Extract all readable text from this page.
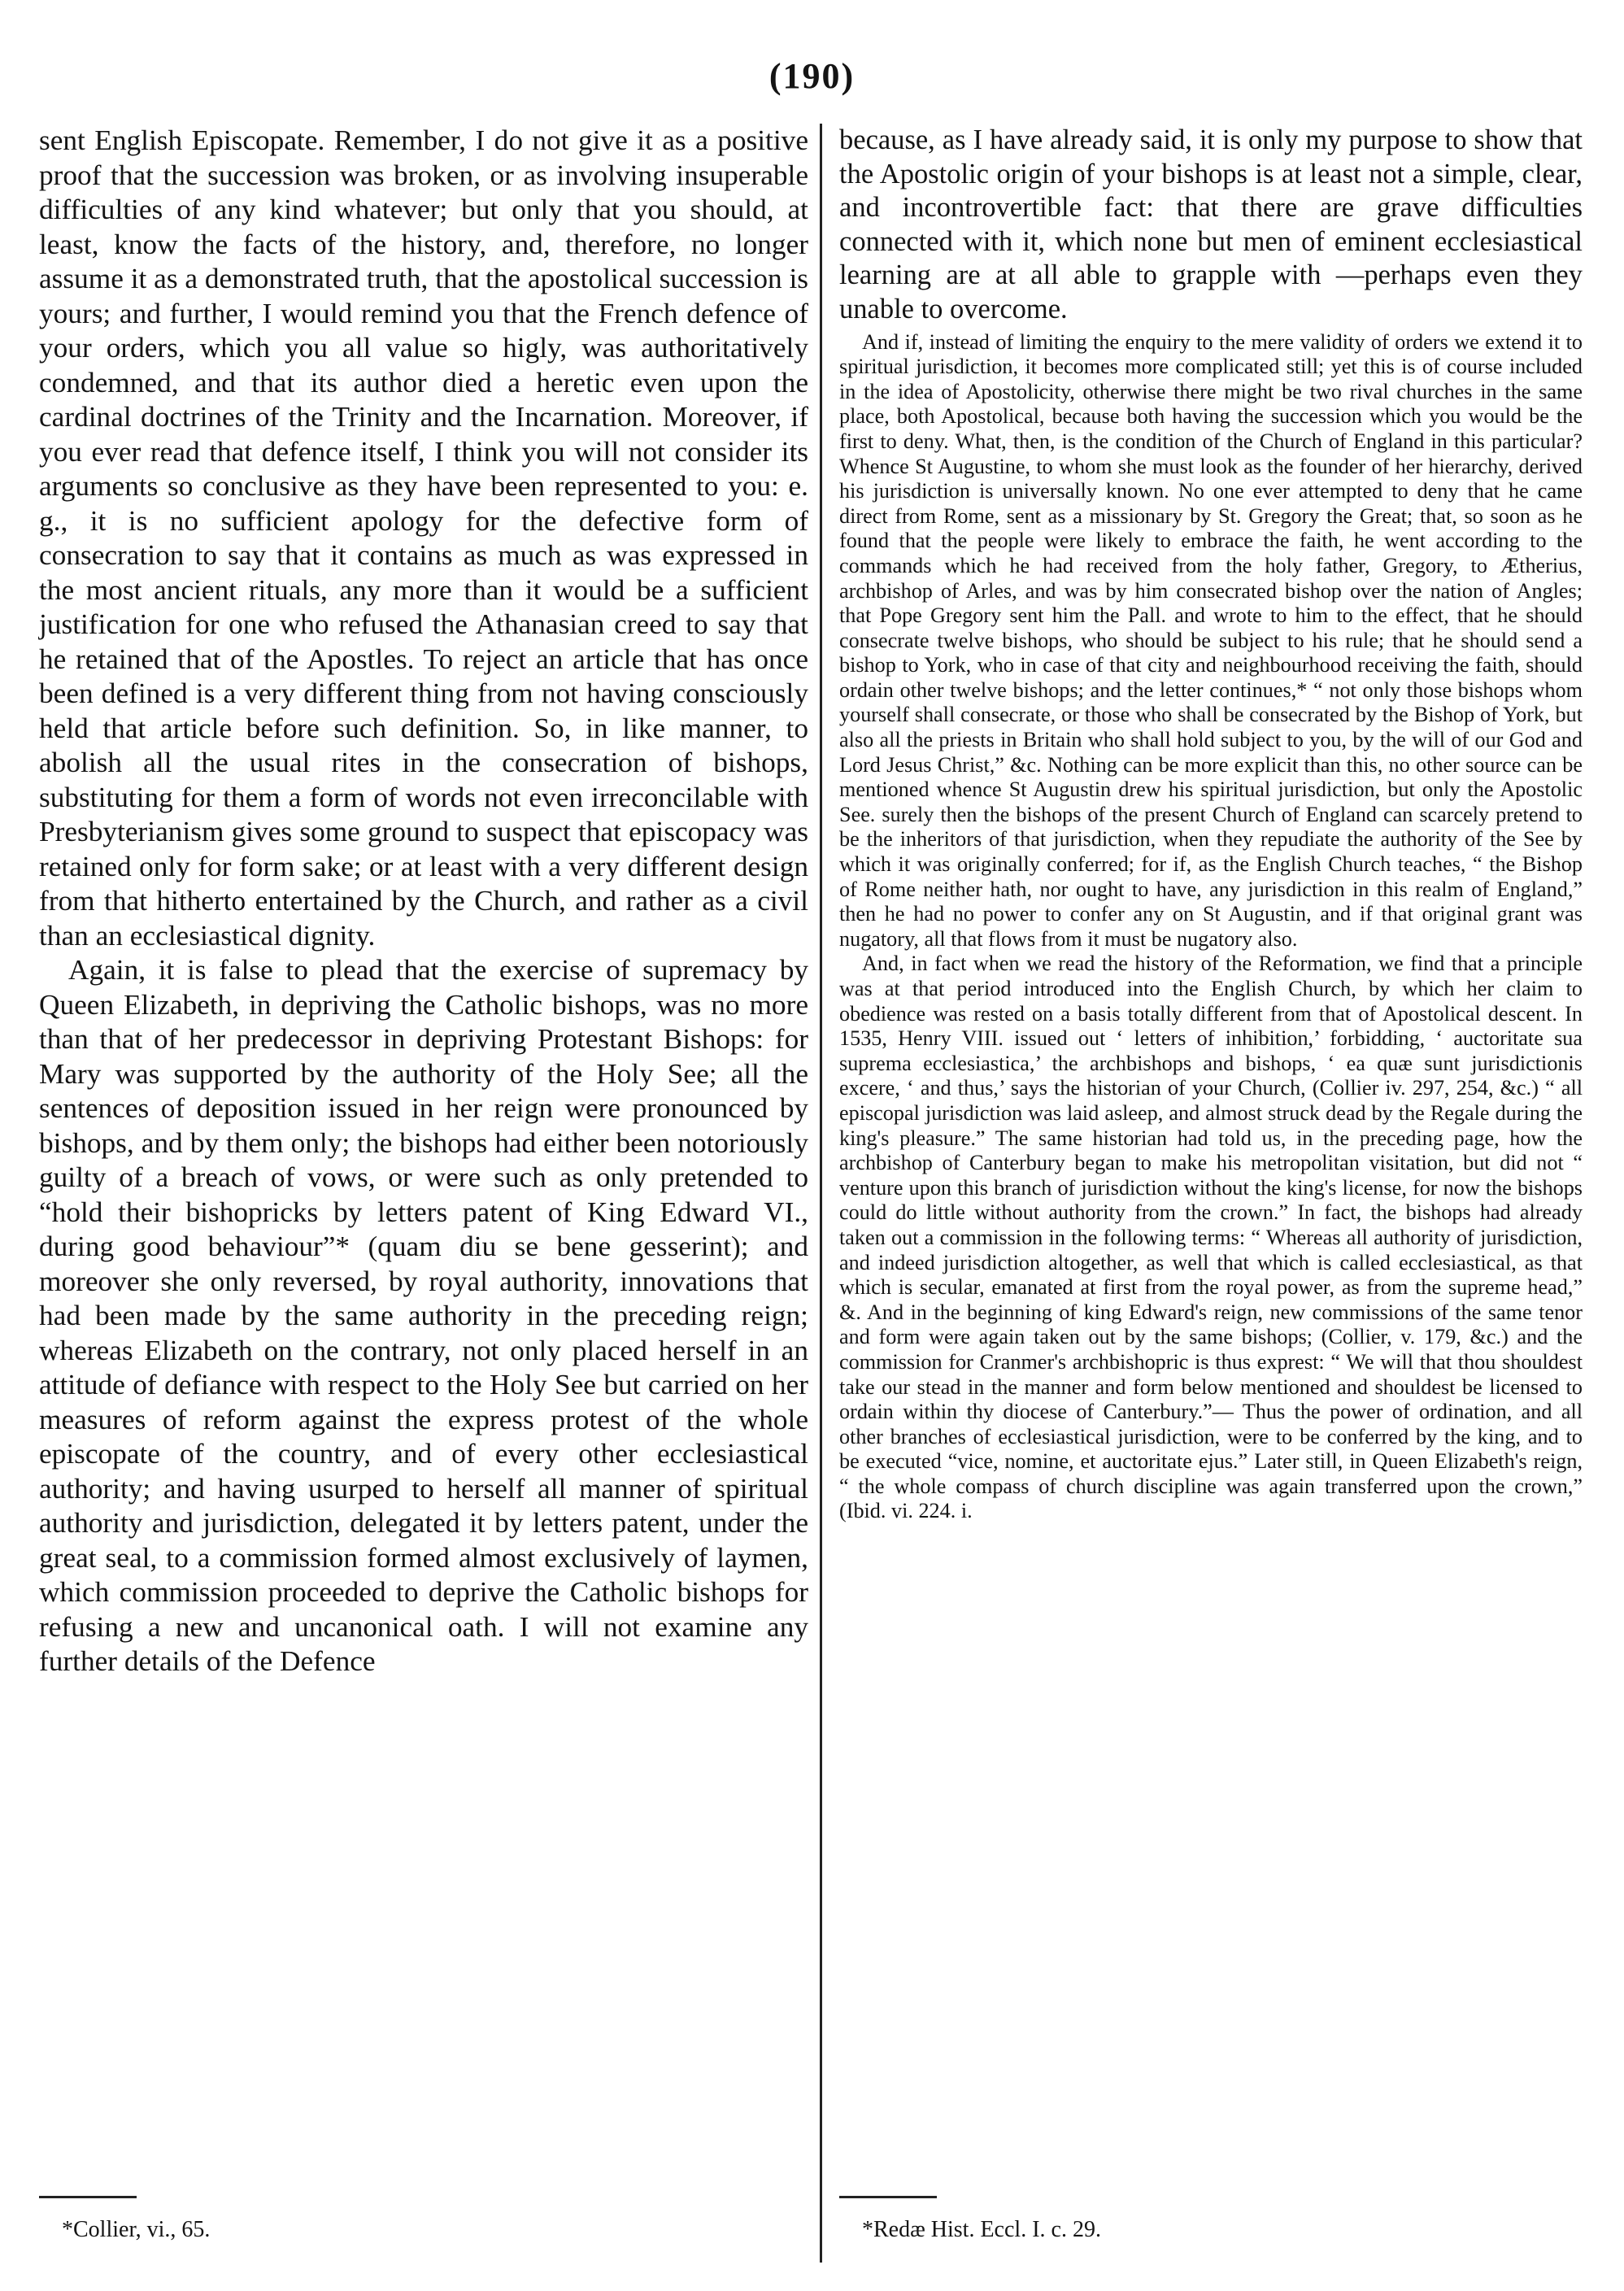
(190)

sent English Episcopate. Remember, I do not give it as a positive proof that the succession was broken, or as involving insuperable difficulties of any kind whatever; but only that you should, at least, know the facts of the history, and, therefore, no longer assume it as a demonstrated truth, that the apostolical succession is yours; and further, I would remind you that the French defence of your orders, which you all value so higly, was authoritatively condemned, and that its author died a heretic even upon the cardinal doctrines of the Trinity and the Incarnation. Moreover, if you ever read that defence itself, I think you will not consider its arguments so conclusive as they have been represented to you: e. g., it is no sufficient apology for the defective form of consecration to say that it contains as much as was expressed in the most ancient rituals, any more than it would be a sufficient justification for one who refused the Athanasian creed to say that he retained that of the Apostles. To reject an article that has once been defined is a very different thing from not having consciously held that article before such definition. So, in like manner, to abolish all the usual rites in the consecration of bishops, substituting for them a form of words not even irreconcilable with Presbyterianism gives some ground to suspect that episcopacy was retained only for form sake; or at least with a very different design from that hitherto entertained by the Church, and rather as a civil than an ecclesiastical dignity.

Again, it is false to plead that the exercise of supremacy by Queen Elizabeth, in depriving the Catholic bishops, was no more than that of her predecessor in depriving Protestant Bishops: for Mary was supported by the authority of the Holy See; all the sentences of deposition issued in her reign were pronounced by bishops, and by them only; the bishops had either been notoriously guilty of a breach of vows, or were such as only pretended to “hold their bishopricks by letters patent of King Edward VI., during good behaviour”* (quam diu se bene gesserint); and moreover she only reversed, by royal authority, innovations that had been made by the same authority in the preceding reign; whereas Elizabeth on the contrary, not only placed herself in an attitude of defiance with respect to the Holy See but carried on her measures of reform against the express protest of the whole episcopate of the country, and of every other ecclesiastical authority; and having usurped to herself all manner of spiritual authority and jurisdiction, delegated it by letters patent, under the great seal, to a commission formed almost exclusively of laymen, which commission proceeded to deprive the Catholic bishops for refusing a new and uncanonical oath. I will not examine any further details of the Defence

because, as I have already said, it is only my purpose to show that the Apostolic origin of your bishops is at least not a simple, clear, and incontrovertible fact: that there are grave difficulties connected with it, which none but men of eminent ecclesiastical learning are at all able to grapple with —perhaps even they unable to overcome.

And if, instead of limiting the enquiry to the mere validity of orders we extend it to spiritual jurisdiction, it becomes more complicated still; yet this is of course included in the idea of Apostolicity, otherwise there might be two rival churches in the same place, both Apostolical, because both having the succession which you would be the first to deny. What, then, is the condition of the Church of England in this particular? Whence St Augustine, to whom she must look as the founder of her hierarchy, derived his jurisdiction is universally known. No one ever attempted to deny that he came direct from Rome, sent as a missionary by St. Gregory the Great; that, so soon as he found that the people were likely to embrace the faith, he went according to the commands which he had received from the holy father, Gregory, to Ætherius, archbishop of Arles, and was by him consecrated bishop over the nation of Angles; that Pope Gregory sent him the Pall. and wrote to him to the effect, that he should consecrate twelve bishops, who should be subject to his rule; that he should send a bishop to York, who in case of that city and neighbourhood receiving the faith, should ordain other twelve bishops; and the letter continues,* “ not only those bishops whom yourself shall consecrate, or those who shall be consecrated by the Bishop of York, but also all the priests in Britain who shall hold subject to you, by the will of our God and Lord Jesus Christ,” &c. Nothing can be more explicit than this, no other source can be mentioned whence St Augustin drew his spiritual jurisdiction, but only the Apostolic See. surely then the bishops of the present Church of England can scarcely pretend to be the inheritors of that jurisdiction, when they repudiate the authority of the See by which it was originally conferred; for if, as the English Church teaches, “ the Bishop of Rome neither hath, nor ought to have, any jurisdiction in this realm of England,” then he had no power to confer any on St Augustin, and if that original grant was nugatory, all that flows from it must be nugatory also.

And, in fact when we read the history of the Reformation, we find that a principle was at that period introduced into the English Church, by which her claim to obedience was rested on a basis totally different from that of Apostolical descent. In 1535, Henry VIII. issued out ‘ letters of inhibition,’ forbidding, ‘ auctoritate sua suprema ecclesiastica,’ the archbishops and bishops, ‘ ea quæ sunt jurisdictionis excere, ‘ and thus,’ says the historian of your Church, (Collier iv. 297, 254, &c.) “ all episcopal jurisdiction was laid asleep, and almost struck dead by the Regale during the king's pleasure.” The same historian had told us, in the preceding page, how the archbishop of Canterbury began to make his metropolitan visitation, but did not “ venture upon this branch of jurisdiction without the king's license, for now the bishops could do little without authority from the crown.” In fact, the bishops had already taken out a commission in the following terms: “ Whereas all authority of jurisdiction, and indeed jurisdiction altogether, as well that which is called ecclesiastical, as that which is secular, emanated at first from the royal power, as from the supreme head,” &. And in the beginning of king Edward's reign, new commissions of the same tenor and form were again taken out by the same bishops; (Collier, v. 179, &c.) and the commission for Cranmer's archbishopric is thus exprest: “ We will that thou shouldest take our stead in the manner and form below mentioned and shouldest be licensed to ordain within thy diocese of Canterbury.”— Thus the power of ordination, and all other branches of ecclesiastical jurisdiction, were to be conferred by the king, and to be executed “vice, nomine, et auctoritate ejus.” Later still, in Queen Elizabeth's reign, “ the whole compass of church discipline was again transferred upon the crown,” (Ibid. vi. 224. i.

*Collier, vi., 65.	*Redæ Hist. Eccl. I. c. 29.
